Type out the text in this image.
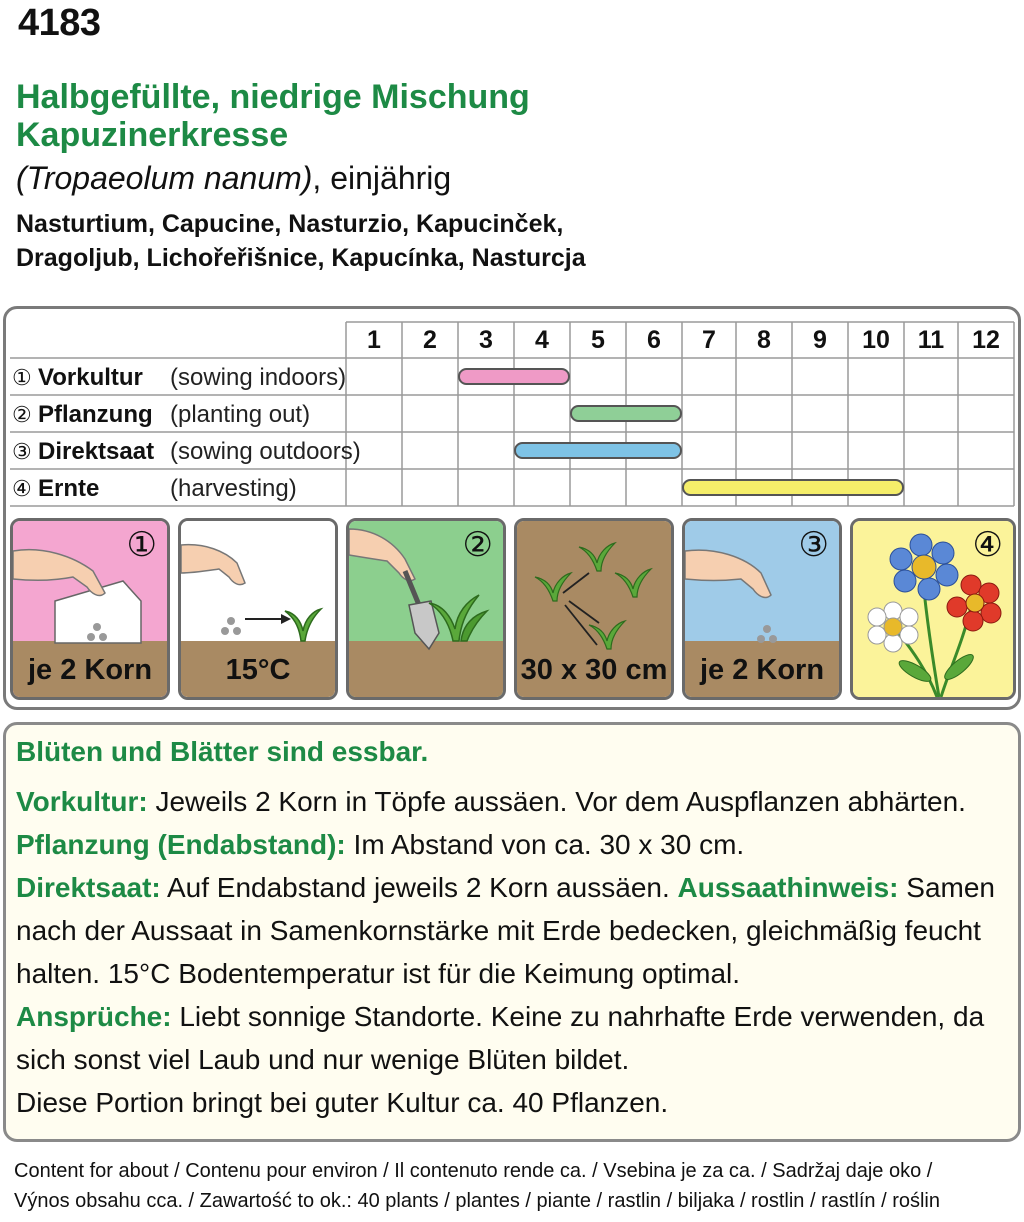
4183
Halbgefüllte, niedrige Mischung
Kapuzinerkresse
(Tropaeolum nanum), einjährig
Nasturtium, Capucine, Nasturzio, Kapucinček,
Dragoljub, Lichořeřišnice, Kapucínka, Nasturcja
1	2	3	4	5	6	7	8	9	10	11	12
① Vorkultur (sowing indoors)
② Pflanzung (planting out)
③ Direktsaat (sowing outdoors)
④ Ernte	(harvesting)
①
je 2 Korn	15°C
②
30 x 30 cm
③
je 2 Korn
④
Blüten und Blätter sind essbar.
Vorkultur: Jeweils 2 Korn in Töpfe aussäen. Vor dem Auspflanzen abhärten.
Pflanzung (Endabstand): Im Abstand von ca. 30 x 30 cm.
Direktsaat: Auf Endabstand jeweils 2 Korn aussäen. Aussaathinweis: Samen
nach der Aussaat in Samenkornstärke mit Erde bedecken, gleichmäßig feucht
halten. 15°C Bodentemperatur ist für die Keimung optimal.
Ansprüche: Liebt sonnige Standorte. Keine zu nahrhafte Erde verwenden, da
sich sonst viel Laub und nur wenige Blüten bildet.
Diese Portion bringt bei guter Kultur ca. 40 Pflanzen.
Content for about / Contenu pour environ / Il contenuto rende ca. / Vsebina je za ca. / Sadržaj daje oko /
Výnos obsahu cca. / Zawartość to ok.: 40 plants / plantes / piante / rastlin / biljaka / rostlin / rastlín / roślin
